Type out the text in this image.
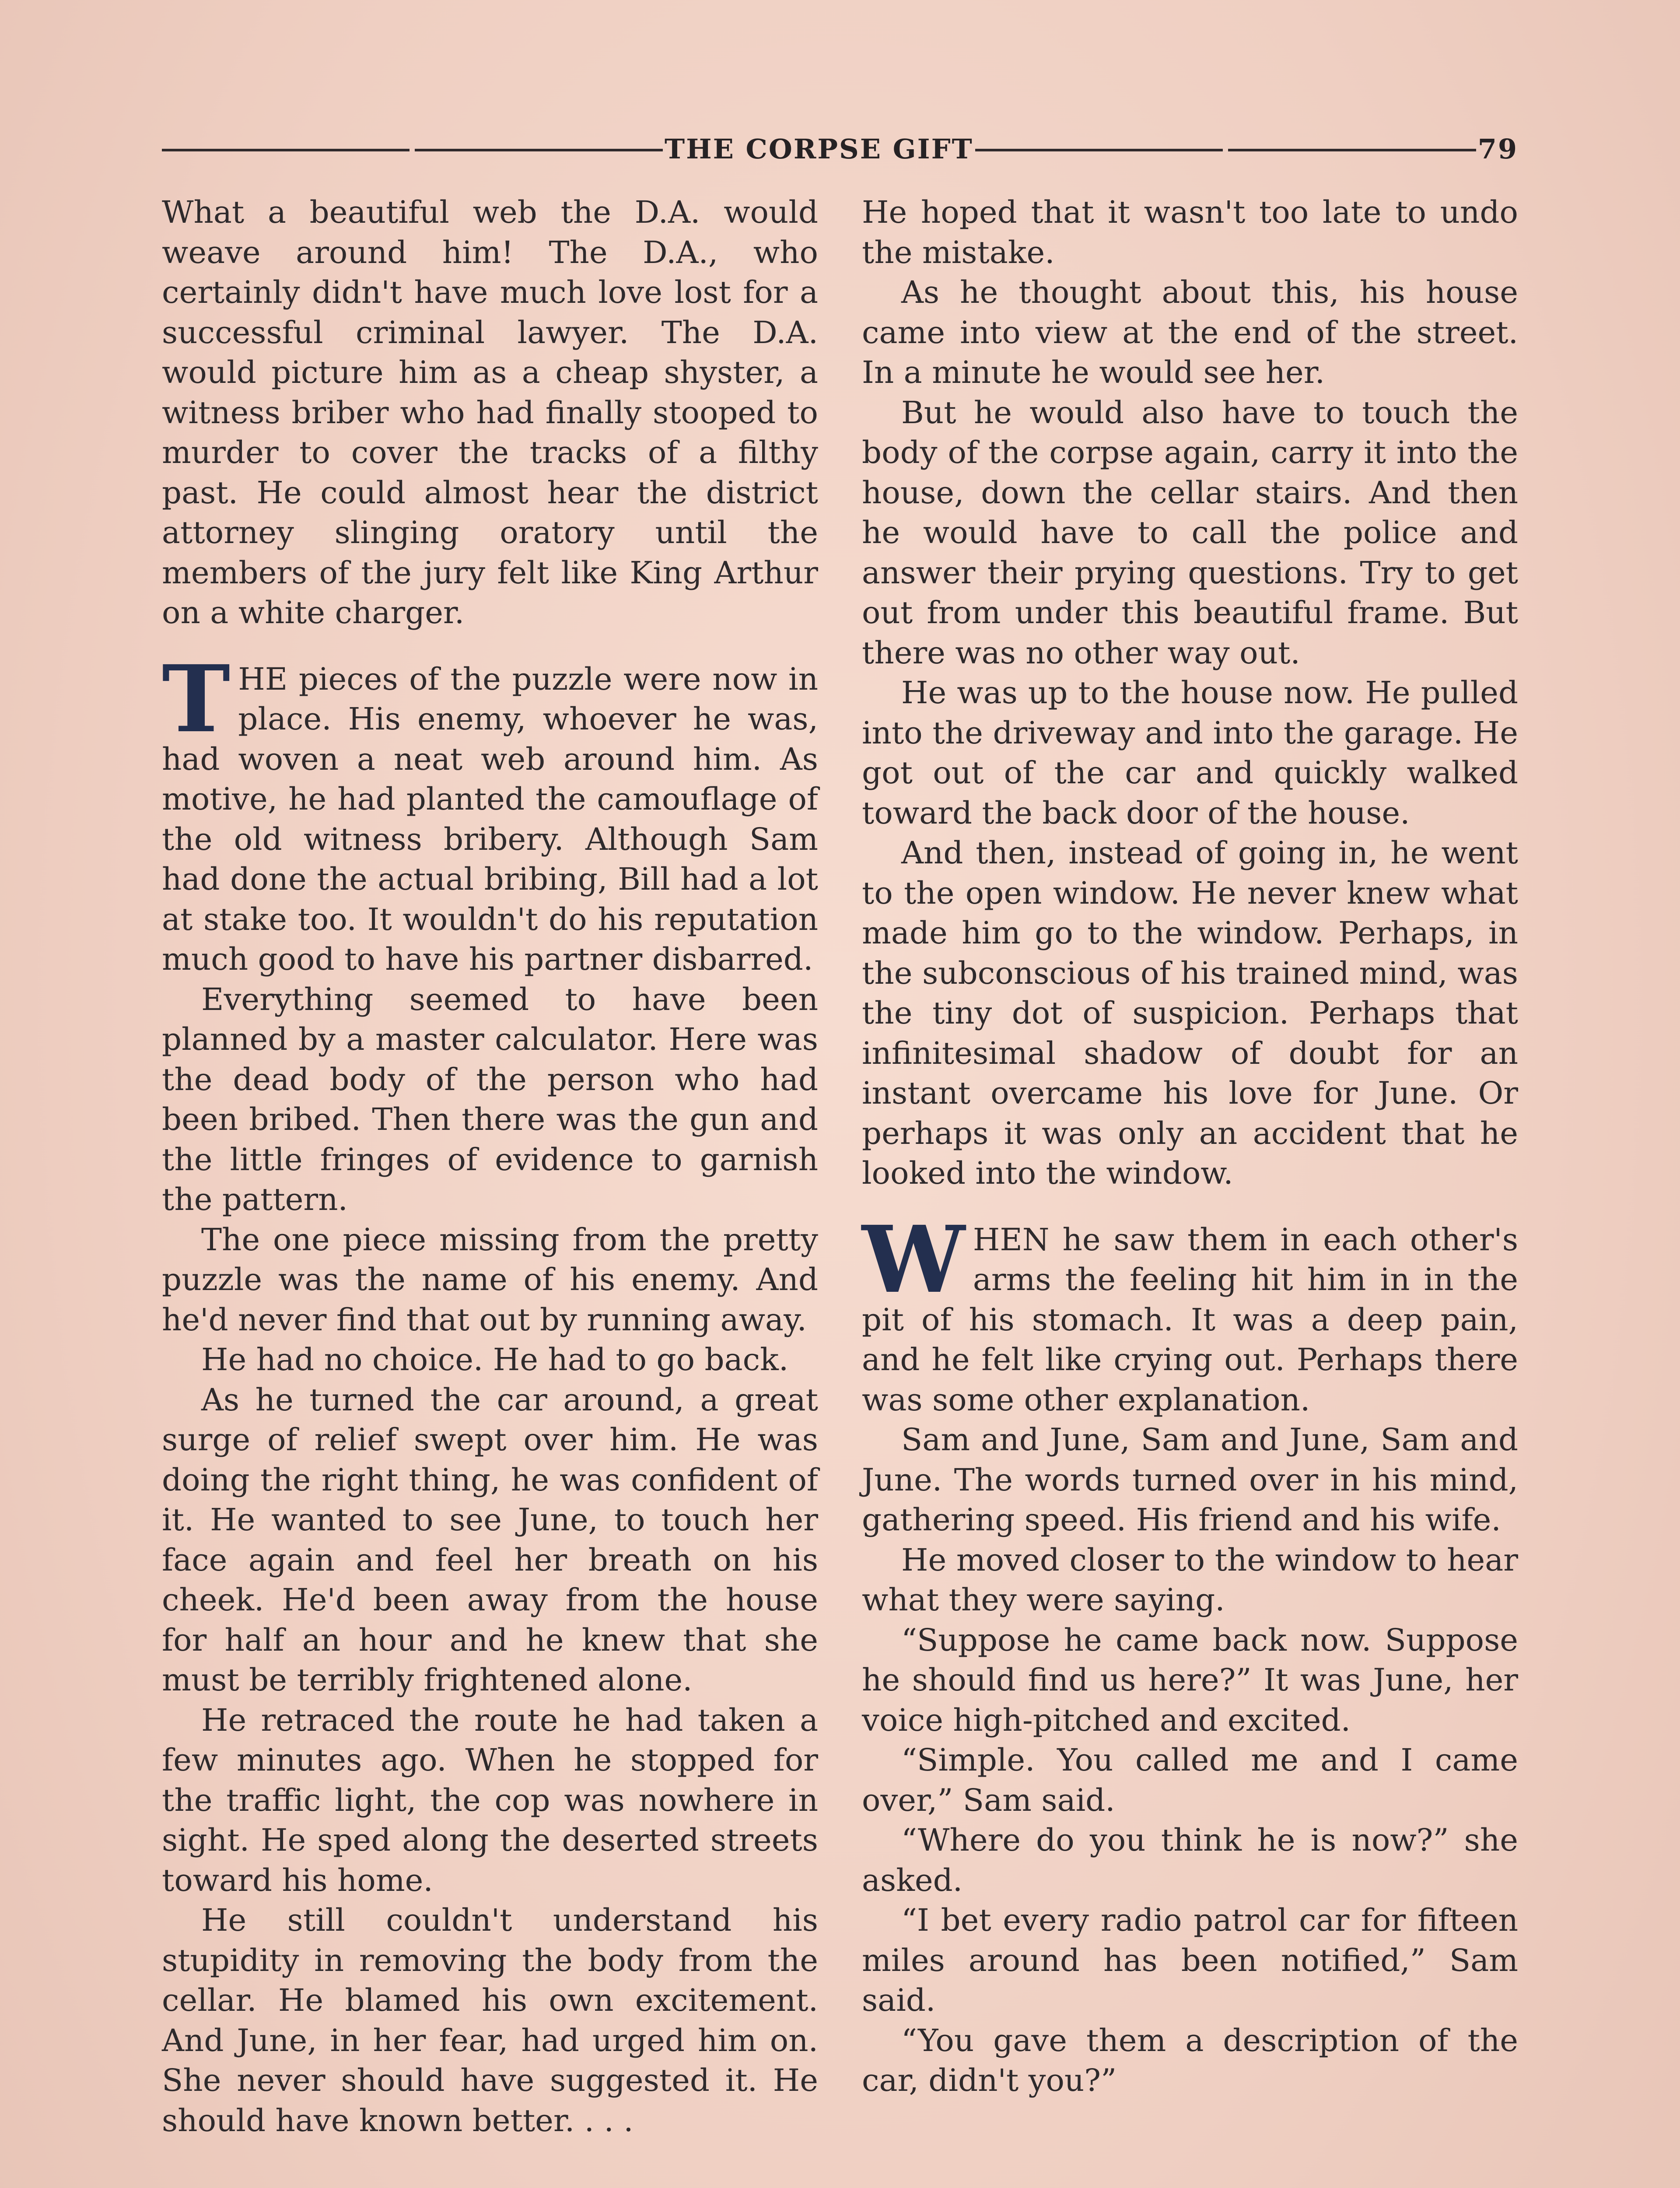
THE CORPSE GIFT	79

What a beautiful web the D.A. would weave around him! The D.A., who certainly didn't have much love lost for a successful criminal lawyer. The D.A. would picture him as a cheap shyster, a witness briber who had finally stooped to murder to cover the tracks of a filthy past. He could almost hear the district attorney slinging oratory until the members of the jury felt like King Arthur on a white charger.

THE pieces of the puzzle were now in place. His enemy, whoever he was, had woven a neat web around him. As motive, he had planted the camouflage of the old witness bribery. Although Sam had done the actual bribing, Bill had a lot at stake too. It wouldn't do his reputation much good to have his partner disbarred.

Everything seemed to have been planned by a master calculator. Here was the dead body of the person who had been bribed. Then there was the gun and the little fringes of evidence to garnish the pattern.

The one piece missing from the pretty puzzle was the name of his enemy. And he'd never find that out by running away.

He had no choice. He had to go back.

As he turned the car around, a great surge of relief swept over him. He was doing the right thing, he was confident of it. He wanted to see June, to touch her face again and feel her breath on his cheek. He'd been away from the house for half an hour and he knew that she must be terribly frightened alone.

He retraced the route he had taken a few minutes ago. When he stopped for the traffic light, the cop was nowhere in sight. He sped along the deserted streets toward his home.

He still couldn't understand his stupidity in removing the body from the cellar. He blamed his own excitement. And June, in her fear, had urged him on. She never should have suggested it. He should have known better. . . .

He hoped that it wasn't too late to undo the mistake.

As he thought about this, his house came into view at the end of the street. In a minute he would see her.

But he would also have to touch the body of the corpse again, carry it into the house, down the cellar stairs. And then he would have to call the police and answer their prying questions. Try to get out from under this beautiful frame. But there was no other way out.

He was up to the house now. He pulled into the driveway and into the garage. He got out of the car and quickly walked toward the back door of the house.

And then, instead of going in, he went to the open window. He never knew what made him go to the window. Perhaps, in the subconscious of his trained mind, was the tiny dot of suspicion. Perhaps that infinitesimal shadow of doubt for an instant overcame his love for June. Or perhaps it was only an accident that he looked into the window.

WHEN he saw them in each other's arms the feeling hit him in in the pit of his stomach. It was a deep pain, and he felt like crying out. Perhaps there was some other explanation.

Sam and June, Sam and June, Sam and June. The words turned over in his mind, gathering speed. His friend and his wife.

He moved closer to the window to hear what they were saying.

“Suppose he came back now. Suppose he should find us here?” It was June, her voice high-pitched and excited.

“Simple. You called me and I came over,” Sam said.

“Where do you think he is now?” she asked.

“I bet every radio patrol car for fifteen miles around has been notified,” Sam said.

“You gave them a description of the car, didn't you?”
